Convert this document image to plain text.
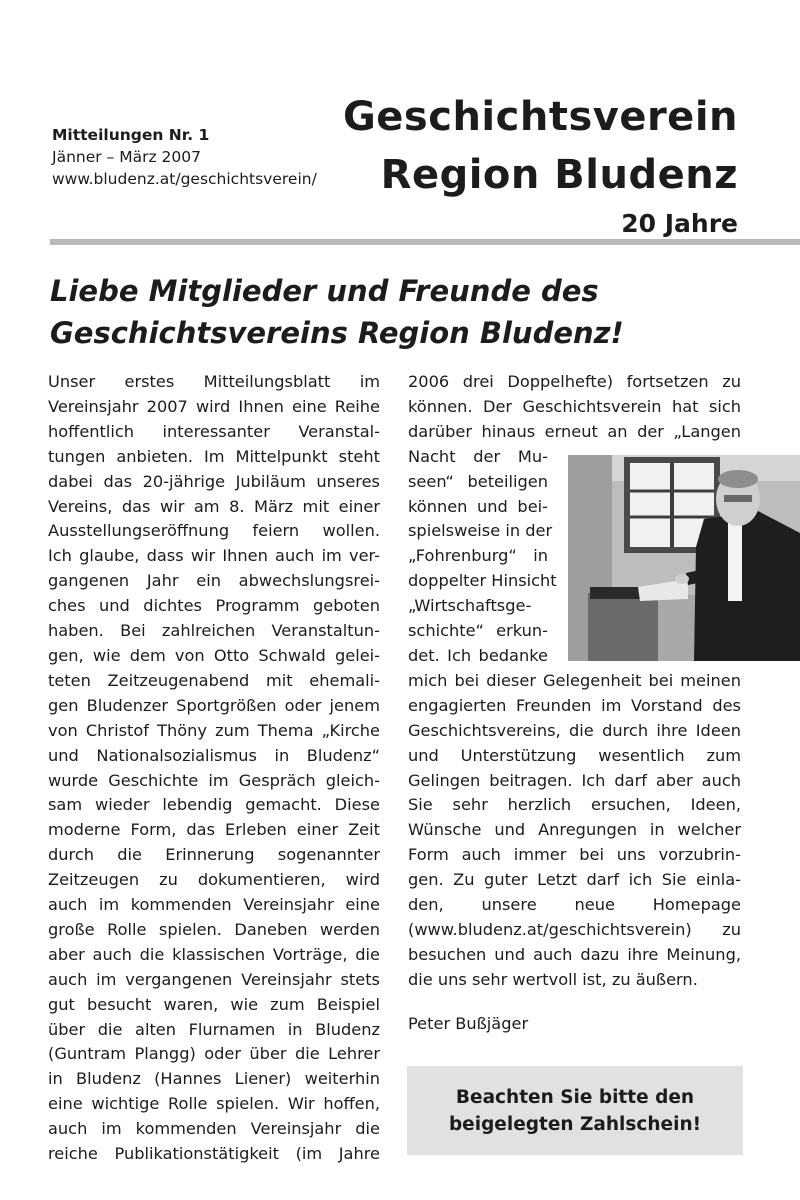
Mitteilungen Nr. 1
Jänner – März 2007
www.bludenz.at/geschichtsverein/
Geschichtsverein
Region Bludenz
20 Jahre
Liebe Mitglieder und Freunde des
Geschichtsvereins Region Bludenz!

Unser erstes Mitteilungsblatt im
Vereinsjahr 2007 wird Ihnen eine Reihe
hoffentlich interessanter Veranstal-
tungen anbieten. Im Mittelpunkt steht
dabei das 20-jährige Jubiläum unseres
Vereins, das wir am 8. März mit einer
Ausstellungseröffnung feiern wollen.
Ich glaube, dass wir Ihnen auch im ver-
gangenen Jahr ein abwechslungsrei-
ches und dichtes Programm geboten
haben. Bei zahlreichen Veranstaltun-
gen, wie dem von Otto Schwald gelei-
teten Zeitzeugenabend mit ehemali-
gen Bludenzer Sportgrößen oder jenem
von Christof Thöny zum Thema „Kirche
und Nationalsozialismus in Bludenz“
wurde Geschichte im Gespräch gleich-
sam wieder lebendig gemacht. Diese
moderne Form, das Erleben einer Zeit
durch die Erinnerung sogenannter
Zeitzeugen zu dokumentieren, wird
auch im kommenden Vereinsjahr eine
große Rolle spielen. Daneben werden
aber auch die klassischen Vorträge, die
auch im vergangenen Vereinsjahr stets
gut besucht waren, wie zum Beispiel
über die alten Flurnamen in Bludenz
(Guntram Plangg) oder über die Lehrer
in Bludenz (Hannes Liener) weiterhin
eine wichtige Rolle spielen. Wir hoffen,
auch im kommenden Vereinsjahr die
reiche Publikationstätigkeit (im Jahre

2006 drei Doppelhefte) fortsetzen zu
können. Der Geschichtsverein hat sich
darüber hinaus erneut an der „Langen

Nacht der Mu-
seen“ beteiligen
können und bei-
spielsweise in der
„Fohrenburg“ in
doppelter Hinsicht
„Wirtschaftsge-
schichte“ erkun-
det. Ich bedanke

mich bei dieser Gelegenheit bei meinen
engagierten Freunden im Vorstand des
Geschichtsvereins, die durch ihre Ideen
und Unterstützung wesentlich zum
Gelingen beitragen. Ich darf aber auch
Sie sehr herzlich ersuchen, Ideen,
Wünsche und Anregungen in welcher
Form auch immer bei uns vorzubrin-
gen. Zu guter Letzt darf ich Sie einla-
den, unsere neue Homepage
(www.bludenz.at/geschichtsverein) zu
besuchen und auch dazu ihre Meinung,
die uns sehr wertvoll ist, zu äußern.

Peter Bußjäger
Beachten Sie bitte den
beigelegten Zahlschein!
